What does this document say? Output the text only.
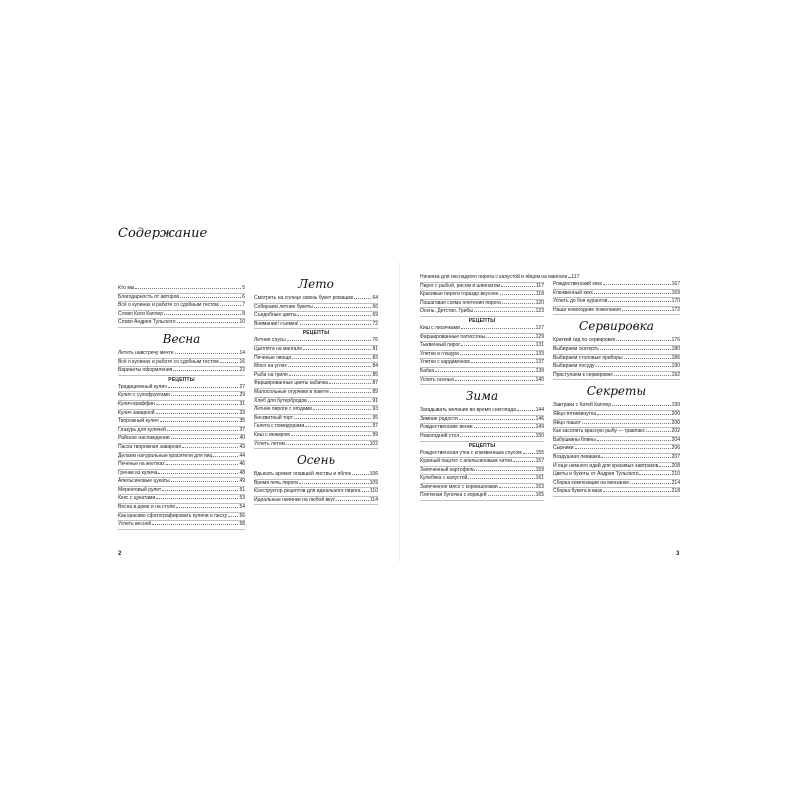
Содержание
Кто мы	5
Благодарность от авторов	6
Всё о кулинах и работе со сдобным тестом	7
Слово Кати Каплер	8
Слово Андрея Тульского	10
Весна
Лететь навстречу мечте	14
Всё о кулинах и работе со сдобным тестом	16
Варианты оформления	22
РЕЦЕПТЫ
Традиционный кулич	27
Кулич с сухофруктами	29
Кулич-краффин	31
Кулич заварной	33
Творожный кулич	35
Глазурь для куличей	37
Райское наслаждение	40
Пасха творожная заварная	43
Делаем натуральные красители для яиц	44
Печенье на желтках	46
Гренки из кулича	48
Апельсиновые цукаты	49
Меренговый рулет	51
Кекс с цукатами	53
Весна в доме и на столе	54
Как красиво сфотографировать куличи и пасху 56
Успеть весной	58
Лето
Смотреть на солнце сквозь букет ромашек	64
Собираем летние букеты	66
Съедобные цветы	69
Внимание! съемка!	72
РЕЦЕПТЫ
Летние соусы	76
Цыплята на мангале	81
Печеные овощи	83
Мясо на углях	84
Рыба на гриле	85
Фаршированные цветы кабачка	87
Малосольные огурчики в пакете	89
Хлеб для бутербродов	91
Летние пироги с ягодами	93
Бисквитный торт	95
Галета с помидорами	97
Киш с инжиром	99
Успеть летом	102
Осень
Вдыхать аромат опавшей листвы и яблок	106
Время печь пироги	109
Конструктор рецептов для идеального пирога 110
Идеальные начинки на любой вкус	114
Начинка для несладкого пирога с капустой и яйцом на мангале 117
Пирог с рыбой, рисом и шпинатом	117
Красивые пироги гораздо вкуснее	118
Пошаговая схема плетения пирога	120
Осень. Детство. Грибы	123
РЕЦЕПТЫ
Киш с лисичками	127
Фаршированные патиссоны	129
Тыквенный пирог	131
Улитки в глазури	133
Улитки с кардамоном	137
Бабка	139
Успеть осенью	140
Зима
Загадывать желание во время снегопада	144
Зимние радости	146
Рождественские венки	149
Новогодний стол	150
РЕЦЕПТЫ
Рождественская утка с клюквенным соусом	155
Куриный паштет с апельсиновым чатни	157
Запеченный картофель	159
Кулебяка с капустой	161
Запеченное мясо с корнишонами	163
Плетеная булочка с корицей	165
Рождественский кекс	167
Клюквенный кекс	169
Успеть до боя курантов	170
Наши новогодние пожелания	172
Сервировка
Краткий гид по сервировке	176
Выбираем скатерть	180
Выбираем столовые приборы	186
Выбираем посуду	190
Приступаем к сервировке	192
Секреты
Завтраки с Катей Каплер	199
Яйцо-пятиминутка	200
Яйцо пашот	200
Как засолить красную рыбу — гравлакс	202
Бабушкины блины	204
Сырники	206
Воздушная левашка	207
И еще немного идей для красивых завтраков	208
Цветы и букеты от Андрея Тульского	210
Сборка композиции на мензанке	214
Сборка букета в вазе	218
2	3
